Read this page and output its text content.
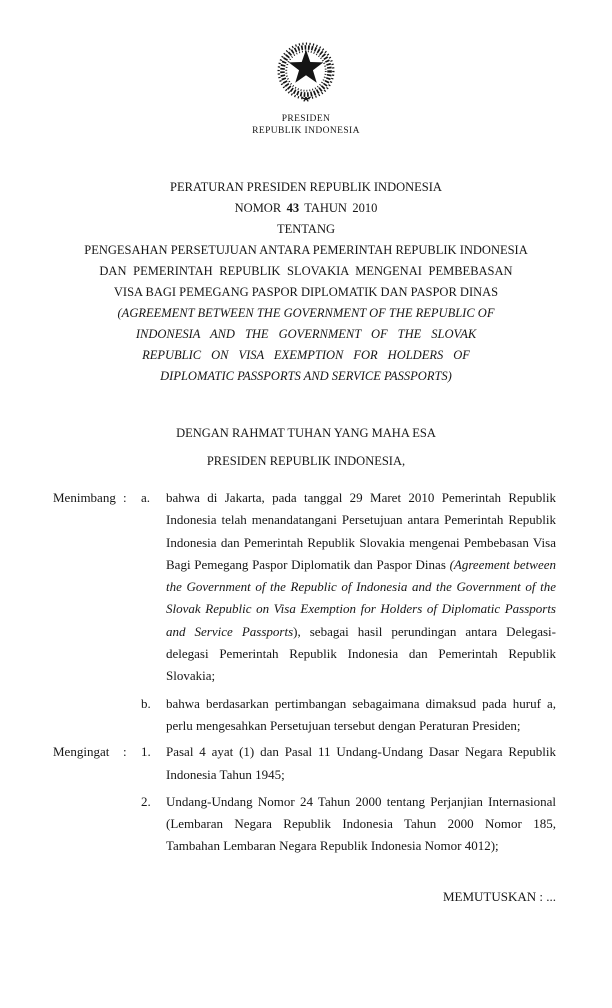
PRESIDEN
REPUBLIK INDONESIA
PERATURAN PRESIDEN REPUBLIK INDONESIA
NOMOR 43 TAHUN 2010
TENTANG
PENGESAHAN PERSETUJUAN ANTARA PEMERINTAH REPUBLIK INDONESIA
DAN PEMERINTAH REPUBLIK SLOVAKIA MENGENAI PEMBEBASAN
VISA BAGI PEMEGANG PASPOR DIPLOMATIK DAN PASPOR DINAS
(AGREEMENT BETWEEN THE GOVERNMENT OF THE REPUBLIC OF
INDONESIA AND THE GOVERNMENT OF THE SLOVAK
REPUBLIC ON VISA EXEMPTION FOR HOLDERS OF
DIPLOMATIC PASSPORTS AND SERVICE PASSPORTS)
DENGAN RAHMAT TUHAN YANG MAHA ESA
PRESIDEN REPUBLIK INDONESIA,
Menimbang :	a.	bahwa di Jakarta, pada tanggal 29 Maret 2010 Pemerintah Republik Indonesia telah menandatangani Persetujuan antara Pemerintah Republik Indonesia dan Pemerintah Republik Slovakia mengenai Pembebasan Visa Bagi Pemegang Paspor Diplomatik dan Paspor Dinas (Agreement between the Government of the Republic of Indonesia and the Government of the Slovak Republic on Visa Exemption for Holders of Diplomatic Passports and Service Passports), sebagai hasil perundingan antara Delegasi-delegasi Pemerintah Republik Indonesia dan Pemerintah Republik Slovakia;
b.	bahwa berdasarkan pertimbangan sebagaimana dimaksud pada huruf a, perlu mengesahkan Persetujuan tersebut dengan Peraturan Presiden;
Mengingat	:	1.	Pasal 4 ayat (1) dan Pasal 11 Undang-Undang Dasar Negara Republik Indonesia Tahun 1945;
2.	Undang-Undang Nomor 24 Tahun 2000 tentang Perjanjian Internasional (Lembaran Negara Republik Indonesia Tahun 2000 Nomor 185, Tambahan Lembaran Negara Republik Indonesia Nomor 4012);
MEMUTUSKAN : ...
